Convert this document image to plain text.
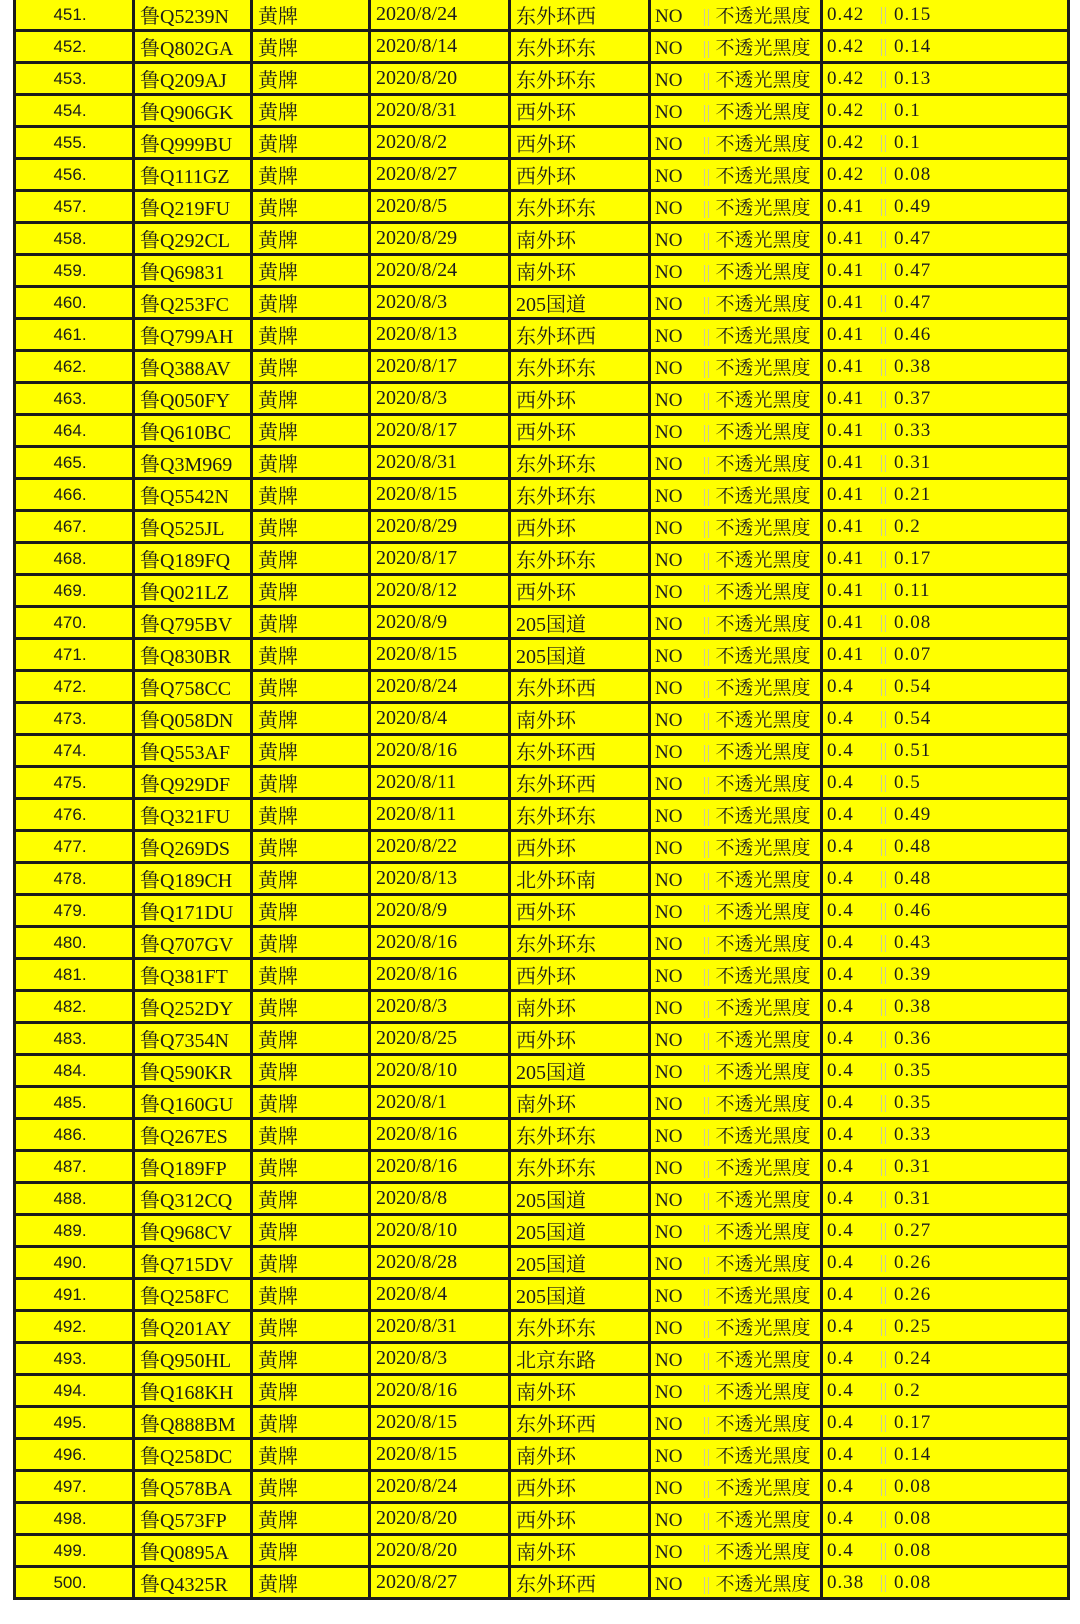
451.	鲁Q5239N	黄牌	2020/8/24	东外环西	NO 不透光黑度	0.42 0.15
452.	鲁Q802GA	黄牌	2020/8/14	东外环东	NO 不透光黑度	0.42 0.14
453.	鲁Q209AJ	黄牌	2020/8/20	东外环东	NO 不透光黑度	0.42 0.13
454.	鲁Q906GK	黄牌	2020/8/31	西外环	NO 不透光黑度	0.42 0.1
455.	鲁Q999BU	黄牌	2020/8/2	西外环	NO 不透光黑度	0.42 0.1
456.	鲁Q111GZ	黄牌	2020/8/27	西外环	NO 不透光黑度	0.42 0.08
457.	鲁Q219FU	黄牌	2020/8/5	东外环东	NO 不透光黑度	0.41 0.49
458.	鲁Q292CL	黄牌	2020/8/29	南外环	NO 不透光黑度	0.41 0.47
459.	鲁Q69831	黄牌	2020/8/24	南外环	NO 不透光黑度	0.41 0.47
460.	鲁Q253FC	黄牌	2020/8/3	205国道	NO 不透光黑度	0.41 0.47
461.	鲁Q799AH	黄牌	2020/8/13	东外环西	NO 不透光黑度	0.41 0.46
462.	鲁Q388AV	黄牌	2020/8/17	东外环东	NO 不透光黑度	0.41 0.38
463.	鲁Q050FY	黄牌	2020/8/3	西外环	NO 不透光黑度	0.41 0.37
464.	鲁Q610BC	黄牌	2020/8/17	西外环	NO 不透光黑度	0.41 0.33
465.	鲁Q3M969	黄牌	2020/8/31	东外环东	NO 不透光黑度	0.41 0.31
466.	鲁Q5542N	黄牌	2020/8/15	东外环东	NO 不透光黑度	0.41 0.21
467.	鲁Q525JL	黄牌	2020/8/29	西外环	NO 不透光黑度	0.41 0.2
468.	鲁Q189FQ	黄牌	2020/8/17	东外环东	NO 不透光黑度	0.41 0.17
469.	鲁Q021LZ	黄牌	2020/8/12	西外环	NO 不透光黑度	0.41 0.11
470.	鲁Q795BV	黄牌	2020/8/9	205国道	NO 不透光黑度	0.41 0.08
471.	鲁Q830BR	黄牌	2020/8/15	205国道	NO 不透光黑度	0.41 0.07
472.	鲁Q758CC	黄牌	2020/8/24	东外环西	NO 不透光黑度	0.4 0.54
473.	鲁Q058DN	黄牌	2020/8/4	南外环	NO 不透光黑度	0.4 0.54
474.	鲁Q553AF	黄牌	2020/8/16	东外环西	NO 不透光黑度	0.4 0.51
475.	鲁Q929DF	黄牌	2020/8/11	东外环西	NO 不透光黑度	0.4 0.5
476.	鲁Q321FU	黄牌	2020/8/11	东外环东	NO 不透光黑度	0.4 0.49
477.	鲁Q269DS	黄牌	2020/8/22	西外环	NO 不透光黑度	0.4 0.48
478.	鲁Q189CH	黄牌	2020/8/13	北外环南	NO 不透光黑度	0.4 0.48
479.	鲁Q171DU	黄牌	2020/8/9	西外环	NO 不透光黑度	0.4 0.46
480.	鲁Q707GV	黄牌	2020/8/16	东外环东	NO 不透光黑度	0.4 0.43
481.	鲁Q381FT	黄牌	2020/8/16	西外环	NO 不透光黑度	0.4 0.39
482.	鲁Q252DY	黄牌	2020/8/3	南外环	NO 不透光黑度	0.4 0.38
483.	鲁Q7354N	黄牌	2020/8/25	西外环	NO 不透光黑度	0.4 0.36
484.	鲁Q590KR	黄牌	2020/8/10	205国道	NO 不透光黑度	0.4 0.35
485.	鲁Q160GU	黄牌	2020/8/1	南外环	NO 不透光黑度	0.4 0.35
486.	鲁Q267ES	黄牌	2020/8/16	东外环东	NO 不透光黑度	0.4 0.33
487.	鲁Q189FP	黄牌	2020/8/16	东外环东	NO 不透光黑度	0.4 0.31
488.	鲁Q312CQ	黄牌	2020/8/8	205国道	NO 不透光黑度	0.4 0.31
489.	鲁Q968CV	黄牌	2020/8/10	205国道	NO 不透光黑度	0.4 0.27
490.	鲁Q715DV	黄牌	2020/8/28	205国道	NO 不透光黑度	0.4 0.26
491.	鲁Q258FC	黄牌	2020/8/4	205国道	NO 不透光黑度	0.4 0.26
492.	鲁Q201AY	黄牌	2020/8/31	东外环东	NO 不透光黑度	0.4 0.25
493.	鲁Q950HL	黄牌	2020/8/3	北京东路	NO 不透光黑度	0.4 0.24
494.	鲁Q168KH	黄牌	2020/8/16	南外环	NO 不透光黑度	0.4 0.2
495.	鲁Q888BM	黄牌	2020/8/15	东外环西	NO 不透光黑度	0.4 0.17
496.	鲁Q258DC	黄牌	2020/8/15	南外环	NO 不透光黑度	0.4 0.14
497.	鲁Q578BA	黄牌	2020/8/24	西外环	NO 不透光黑度	0.4 0.08
498.	鲁Q573FP	黄牌	2020/8/20	西外环	NO 不透光黑度	0.4 0.08
499.	鲁Q0895A	黄牌	2020/8/20	南外环	NO 不透光黑度	0.4 0.08
500.	鲁Q4325R	黄牌	2020/8/27	东外环西	NO 不透光黑度	0.38 0.08
